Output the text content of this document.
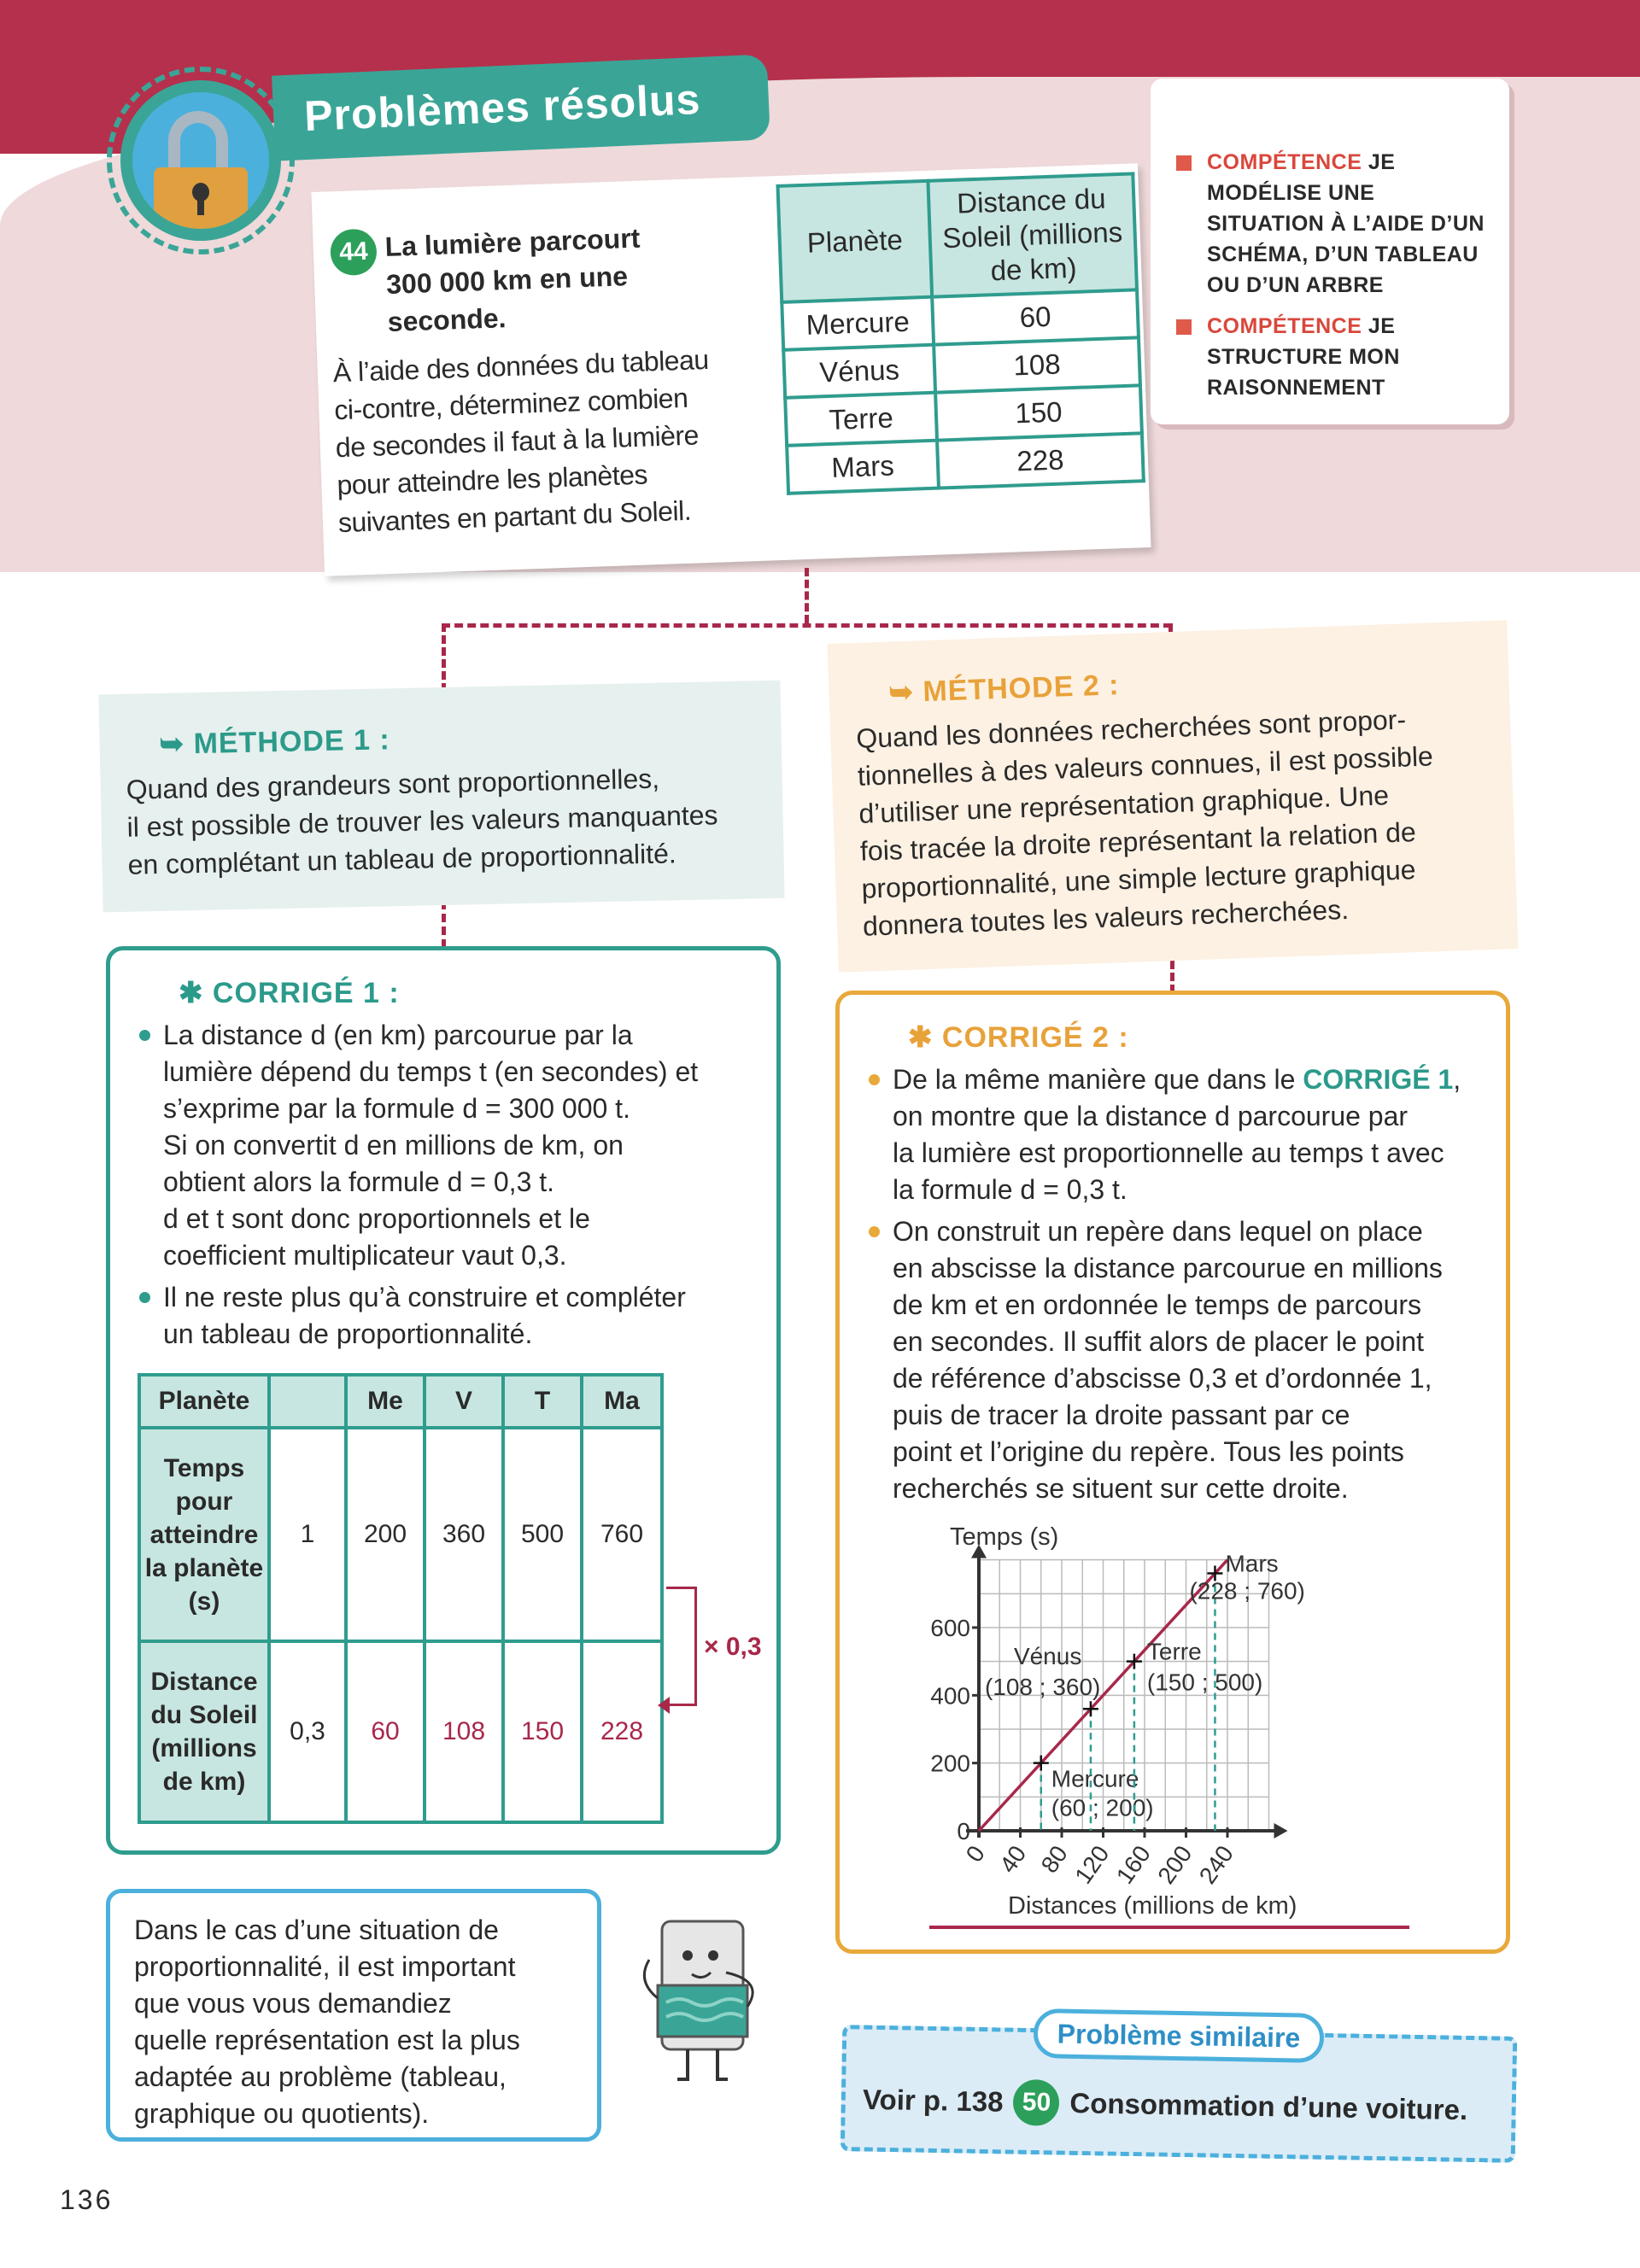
Problèmes résolus
44 La lumière parcourt
300 000 km en une
seconde.
À l’aide des données du tableau
ci-contre, déterminez combien
de secondes il faut à la lumière
pour atteindre les planètes
suivantes en partant du Soleil.
Planète	Distance du Soleil (millions de km)
Mercure	60
Vénus	108
Terre	150
Mars	228
COMPÉTENCE JE MODÉLISE UNE SITUATION À L’AIDE D’UN SCHÉMA, D’UN TABLEAU OU D’UN ARBRE
COMPÉTENCE JE STRUCTURE MON RAISONNEMENT
➥ MÉTHODE 1 :
Quand des grandeurs sont proportionnelles,
il est possible de trouver les valeurs manquantes
en complétant un tableau de proportionnalité.
➥ MÉTHODE 2 :
Quand les données recherchées sont propor-
tionnelles à des valeurs connues, il est possible
d’utiliser une représentation graphique. Une
fois tracée la droite représentant la relation de
proportionnalité, une simple lecture graphique
donnera toutes les valeurs recherchées.
✱ CORRIGÉ 1 :
La distance d (en km) parcourue par la
lumière dépend du temps t (en secondes) et
s’exprime par la formule d = 300 000 t.
Si on convertit d en millions de km, on
obtient alors la formule d = 0,3 t.
d et t sont donc proportionnels et le
coefficient multiplicateur vaut 0,3.
Il ne reste plus qu’à construire et compléter
un tableau de proportionnalité.
Planète		Me	V	T	Ma
Temps pour atteindre la planète (s)	1	200	360	500	760
Distance du Soleil (millions de km)	0,3	60	108	150	228
× 0,3
✱ CORRIGÉ 2 :
De la même manière que dans le CORRIGÉ 1,
on montre que la distance d parcourue par
la lumière est proportionnelle au temps t avec
la formule d = 0,3 t.
On construit un repère dans lequel on place
en abscisse la distance parcourue en millions
de km et en ordonnée le temps de parcours
en secondes. Il suffit alors de placer le point
de référence d’abscisse 0,3 et d’ordonnée 1,
puis de tracer la droite passant par ce
point et l’origine du repère. Tous les points
recherchés se situent sur cette droite.
0 40 80
120
160
200
240
0
200
400
600
Mercure
(60 ; 200)
Vénus
(108 ; 360)
Terre
(150 ; 500)
Mars
(228 ; 760)
Temps (s)
Distances (millions de km)
Dans le cas d’une situation de
proportionnalité, il est important
que vous vous demandiez
quelle représentation est la plus
adaptée au problème (tableau,
graphique ou quotients).
Problème similaire
Voir p. 138 50 Consommation d’une voiture.
136
